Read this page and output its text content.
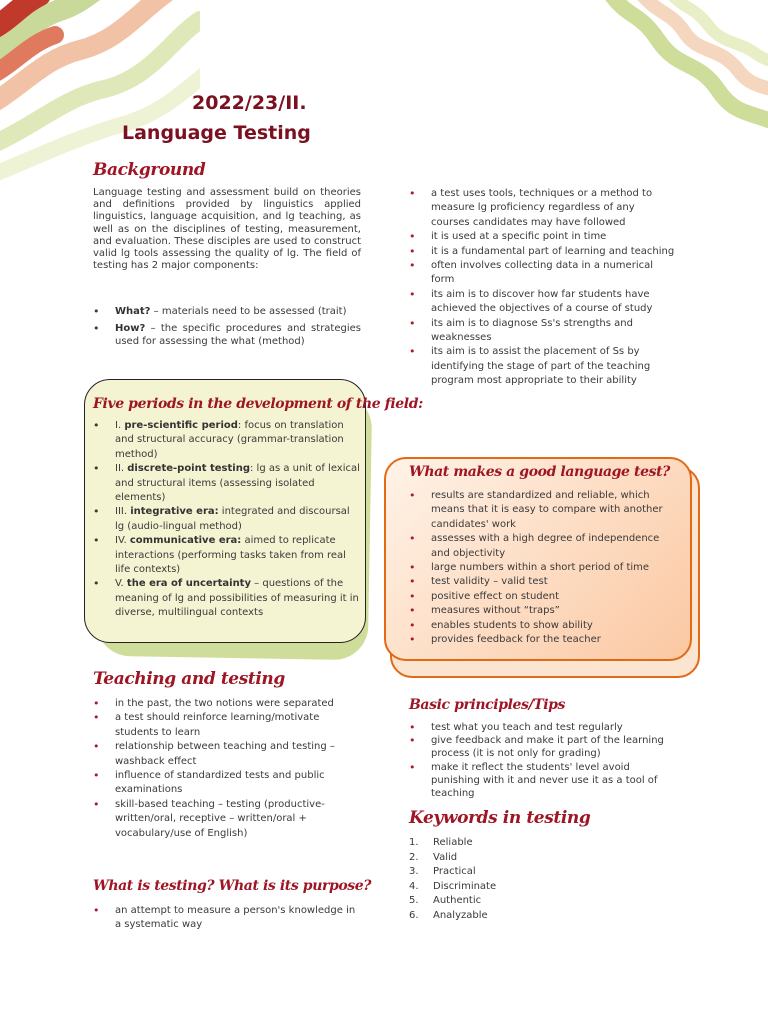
2022/23/II.
Language Testing
Background
Language testing and assessment build on theories and definitions provided by linguistics applied linguistics, language acquisition, and lg teaching, as well as on the disciplines of testing, measurement, and evaluation. These disciples are used to construct valid lg tools assessing the quality of lg. The field of testing has 2 major components:
• What? – materials need to be assessed (trait)
• How? – the specific procedures and strategies used for assessing the what (method)
Five periods in the development of the field:
• I. pre-scientific period: focus on translation and structural accuracy (grammar-translation method)
• II. discrete-point testing: lg as a unit of lexical and structural items (assessing isolated elements)
• III. integrative era: integrated and discoursal lg (audio-lingual method)
• IV. communicative era: aimed to replicate interactions (performing tasks taken from real life contexts)
• V. the era of uncertainty – questions of the meaning of lg and possibilities of measuring it in diverse, multilingual contexts
• a test uses tools, techniques or a method to measure lg proficiency regardless of any courses candidates may have followed
• it is used at a specific point in time
• it is a fundamental part of learning and teaching
• often involves collecting data in a numerical form
• its aim is to discover how far students have achieved the objectives of a course of study
• its aim is to diagnose Ss's strengths and weaknesses
• its aim is to assist the placement of Ss by identifying the stage of part of the teaching program most appropriate to their ability
What makes a good language test?
• results are standardized and reliable, which means that it is easy to compare with another candidates' work
• assesses with a high degree of independence and objectivity
• large numbers within a short period of time
• test validity – valid test
• positive effect on student
• measures without “traps”
• enables students to show ability
• provides feedback for the teacher
Teaching and testing
• in the past, the two notions were separated
• a test should reinforce learning/motivate students to learn
• relationship between teaching and testing – washback effect
• influence of standardized tests and public examinations
• skill-based teaching – testing (productive-written/oral, receptive – written/oral + vocabulary/use of English)
What is testing? What is its purpose?
• an attempt to measure a person's knowledge in a systematic way
Basic principles/Tips
• test what you teach and test regularly
• give feedback and make it part of the learning process (it is not only for grading)
• make it reflect the students' level avoid punishing with it and never use it as a tool of teaching
Keywords in testing
1. Reliable
2. Valid
3. Practical
4. Discriminate
5. Authentic
6. Analyzable
